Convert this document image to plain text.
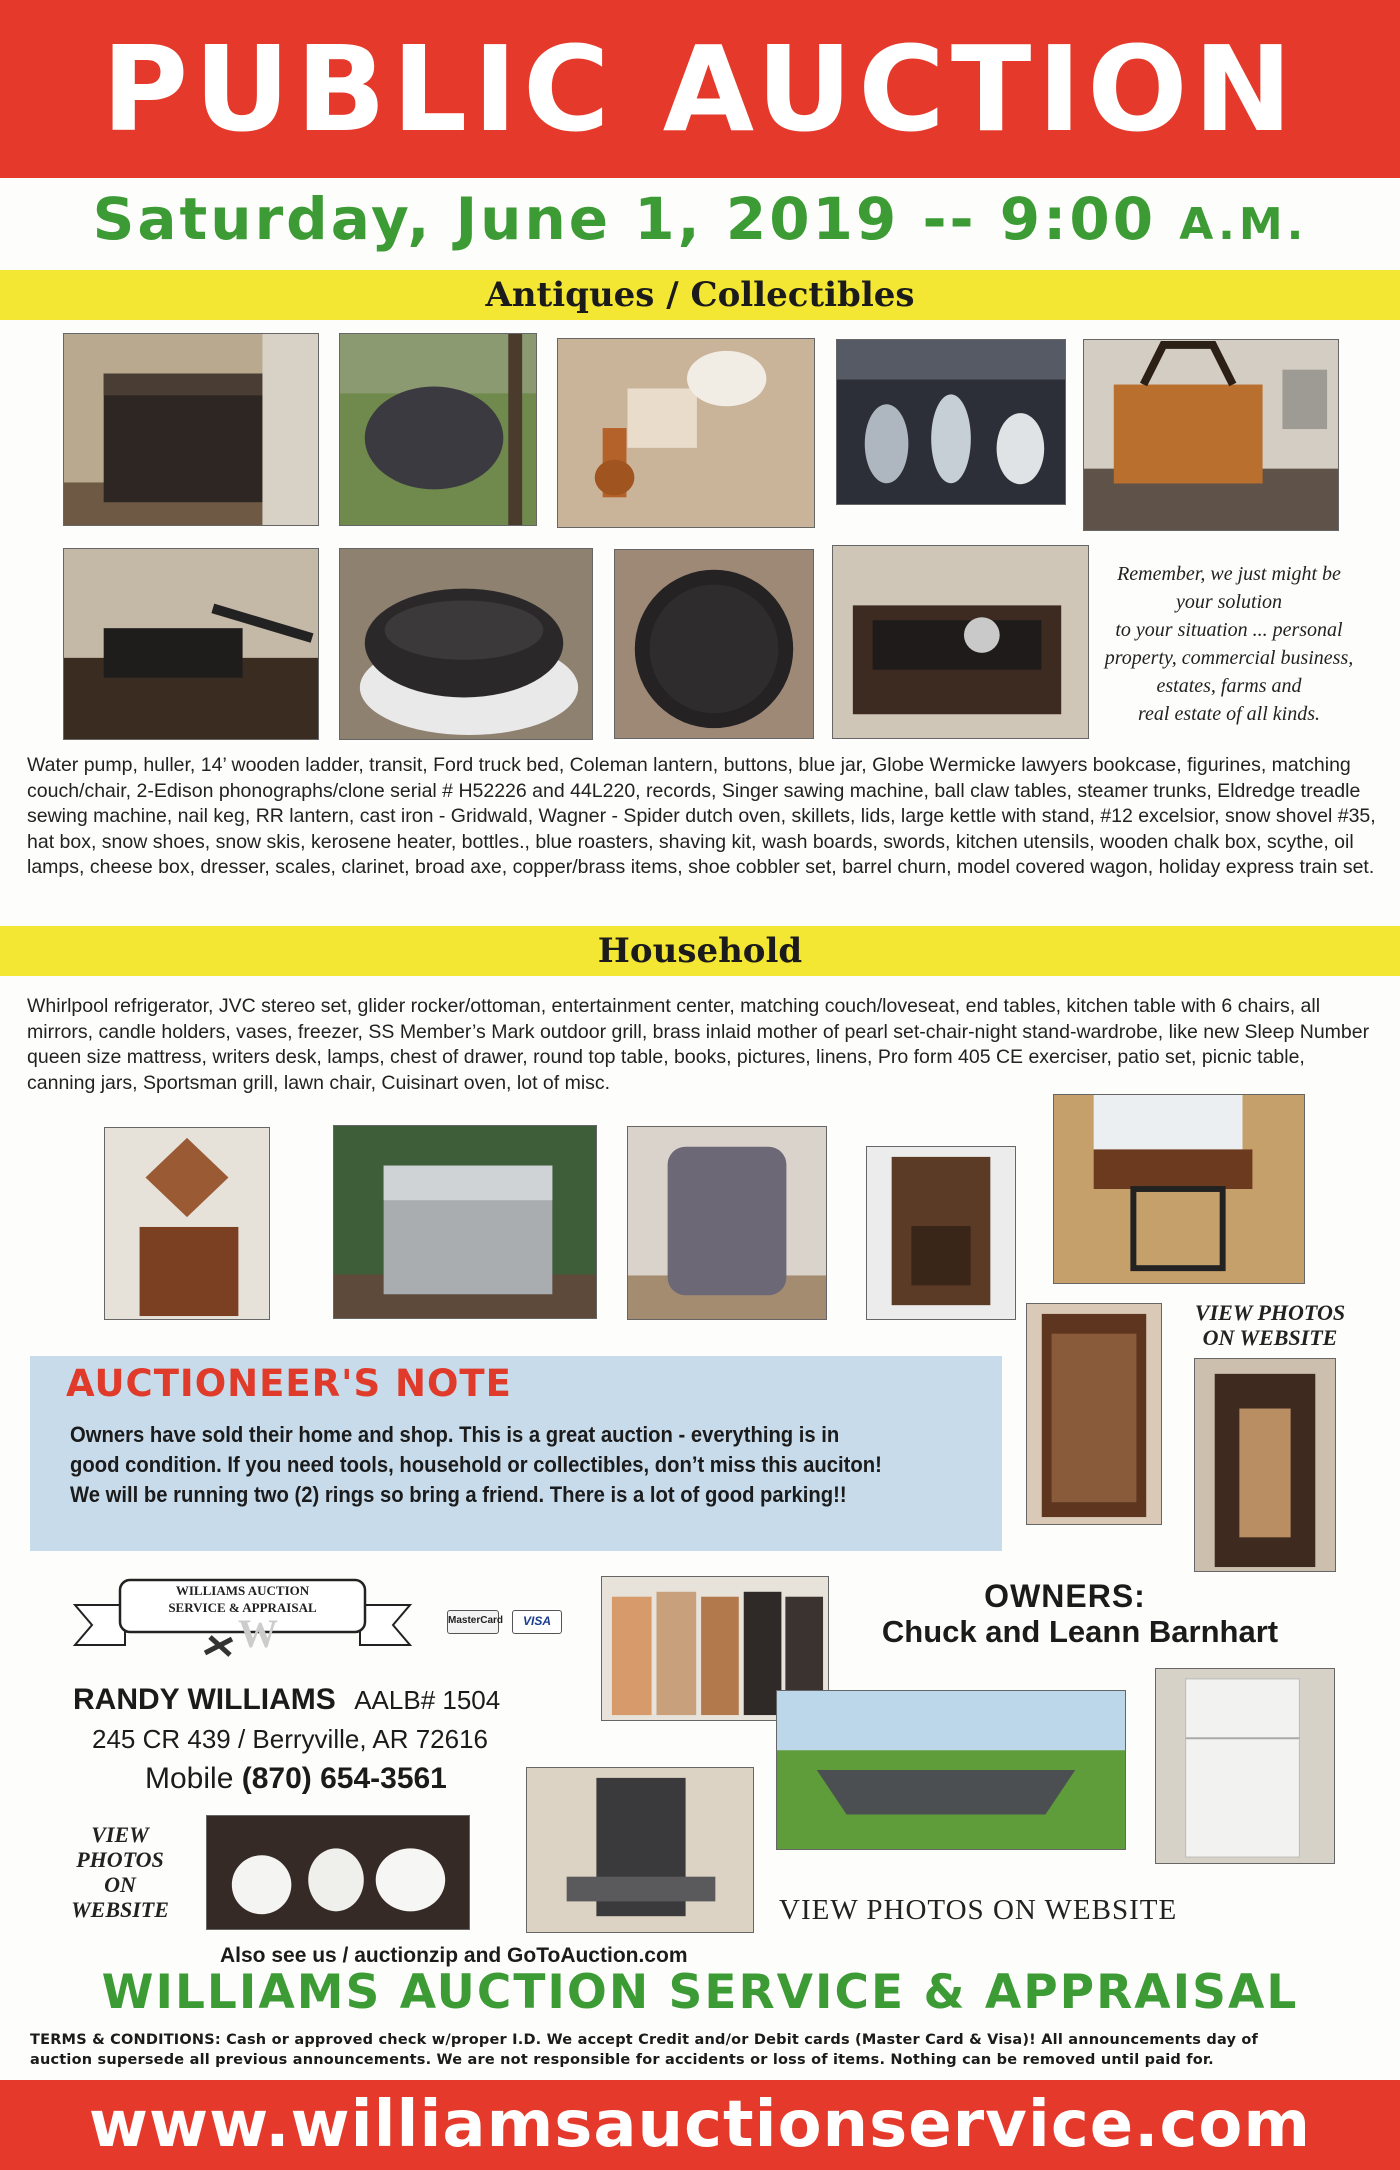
PUBLIC AUCTION
Saturday, June 1, 2019 -- 9:00 A.M.
Antiques / Collectibles
Remember, we just might be
your solution
to your situation ... personal
property, commercial business,
estates, farms and
real estate of all kinds.
Water pump, huller, 14’ wooden ladder, transit, Ford truck bed, Coleman lantern, buttons, blue jar, Globe Wermicke lawyers bookcase, figurines, matching couch/chair, 2-Edison phonographs/clone serial # H52226 and 44L220, records, Singer sawing machine, ball claw tables, steamer trunks, Eldredge treadle sewing machine, nail keg, RR lantern, cast iron - Gridwald, Wagner - Spider dutch oven, skillets, lids, large kettle with stand, #12 excelsior, snow shovel #35, hat box, snow shoes, snow skis, kerosene heater, bottles., blue roasters, shaving kit, wash boards, swords, kitchen utensils, wooden chalk box, scythe, oil lamps, cheese box, dresser, scales, clarinet, broad axe, copper/brass items, shoe cobbler set, barrel churn, model covered wagon, holiday express train set.
Household
Whirlpool refrigerator, JVC stereo set, glider rocker/ottoman, entertainment center, matching couch/loveseat, end tables, kitchen table with 6 chairs, all mirrors, candle holders, vases, freezer, SS Member’s Mark outdoor grill, brass inlaid mother of pearl set-chair-night stand-wardrobe, like new Sleep Number queen size mattress, writers desk, lamps, chest of drawer, round top table, books, pictures, linens, Pro form 405 CE exerciser, patio set, picnic table, canning jars, Sportsman grill, lawn chair, Cuisinart oven, lot of misc.
VIEW PHOTOS
ON WEBSITE
AUCTIONEER'S NOTE
Owners have sold their home and shop. This is a great auction - everything is in
good condition. If you need tools, household or collectibles, don’t miss this auciton!
We will be running two (2) rings so bring a friend. There is a lot of good parking!!
W
WILLIAMS AUCTION
SERVICE & APPRAISAL
MasterCard	VISA
RANDY WILLIAMS AALB# 1504
245 CR 439 / Berryville, AR 72616
Mobile (870) 654-3561
OWNERS:
Chuck and Leann Barnhart
VIEW
PHOTOS
ON
WEBSITE	VIEW PHOTOS ON WEBSITE
Also see us / auctionzip and GoToAuction.com
WILLIAMS AUCTION SERVICE & APPRAISAL
TERMS & CONDITIONS: Cash or approved check w/proper I.D. We accept Credit and/or Debit cards (Master Card & Visa)! All announcements day of
auction supersede all previous announcements. We are not responsible for accidents or loss of items. Nothing can be removed until paid for.
www.williamsauctionservice.com
